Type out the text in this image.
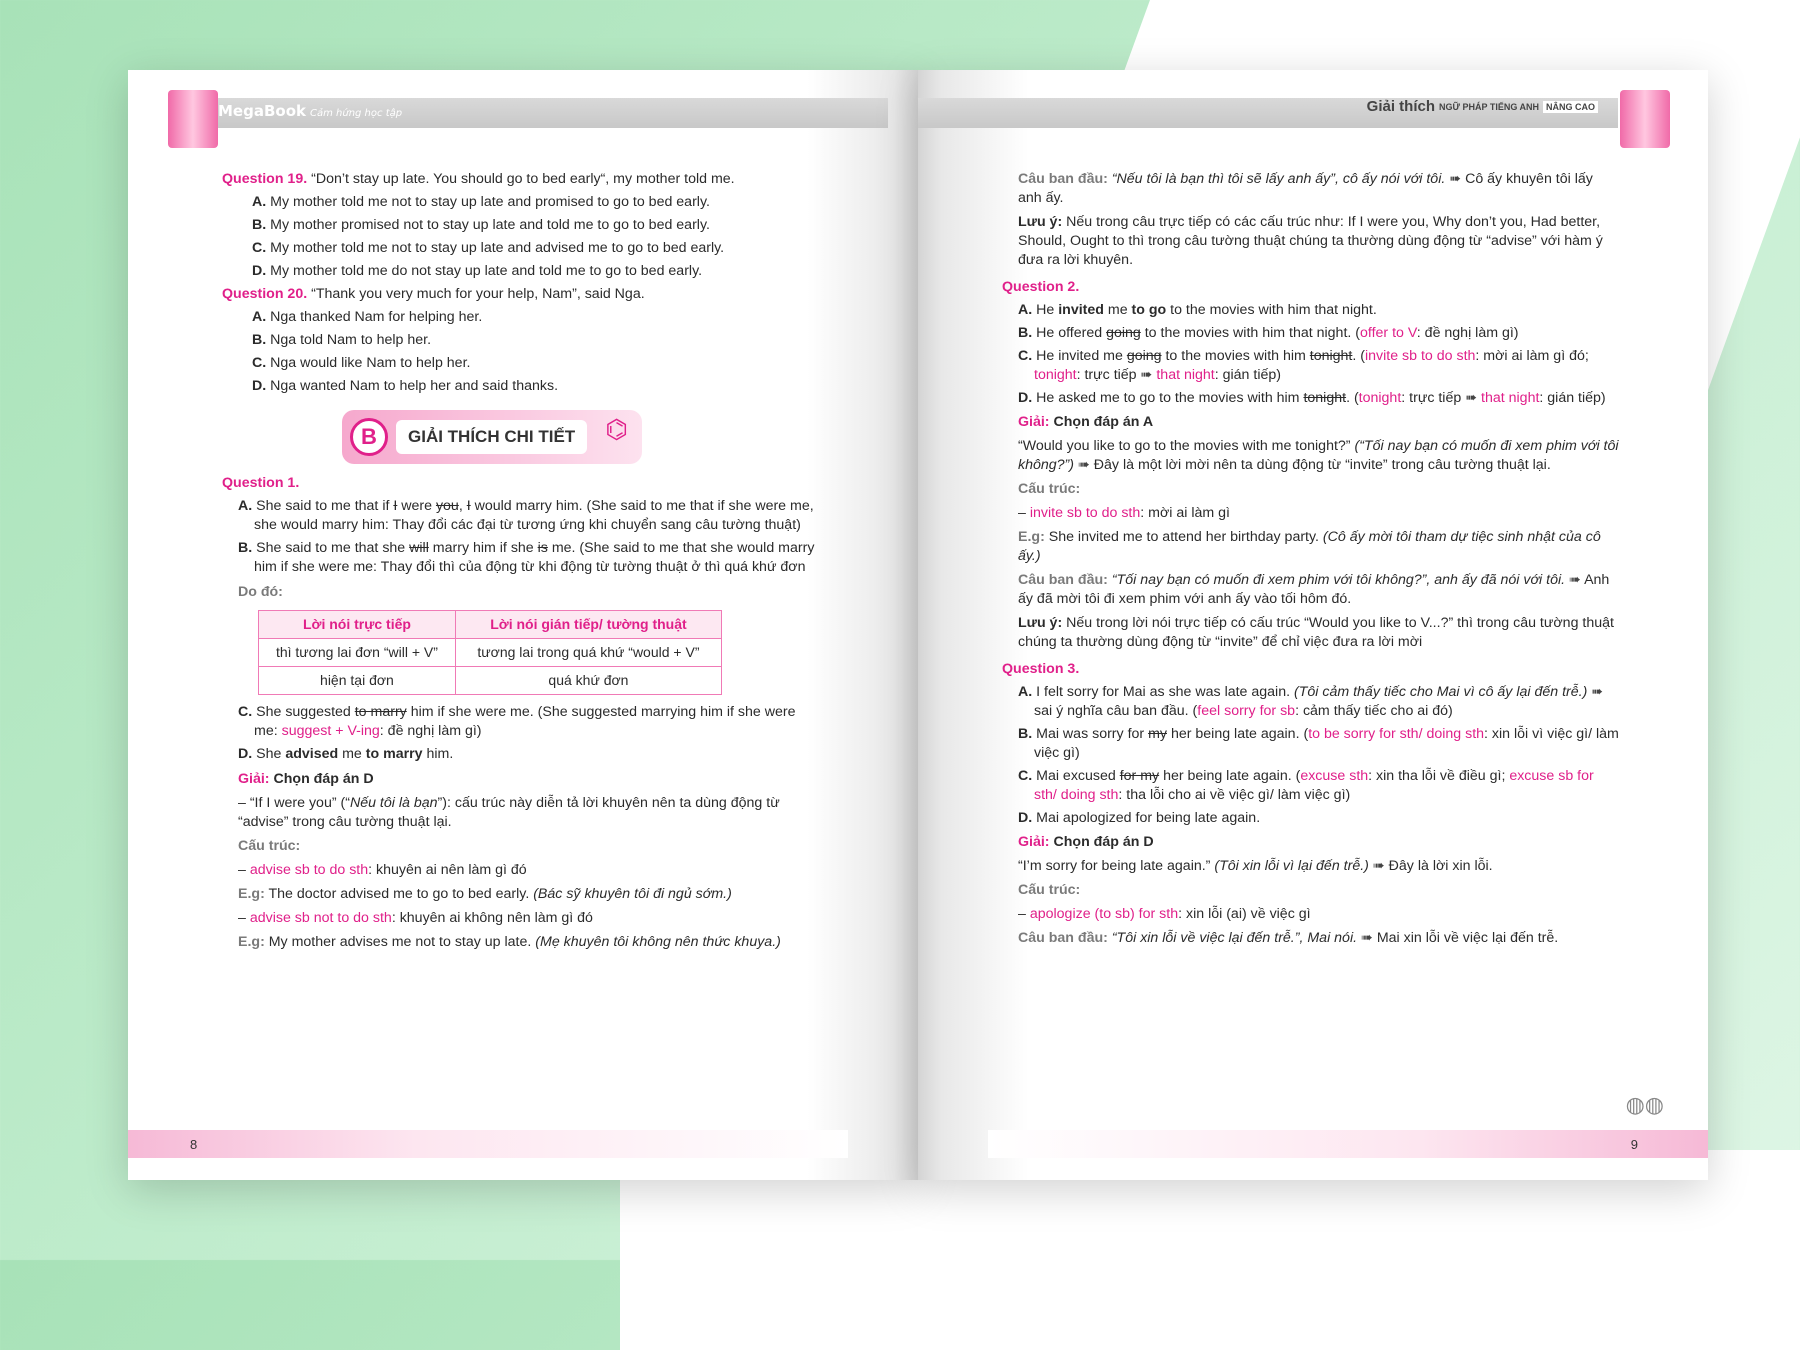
MegaBook Cảm hứng học tập
Question 19. “Don’t stay up late. You should go to bed early“, my mother told me.
A. My mother told me not to stay up late and promised to go to bed early.
B. My mother promised not to stay up late and told me to go to bed early.
C. My mother told me not to stay up late and advised me to go to bed early.
D. My mother told me do not stay up late and told me to go to bed early.
Question 20. “Thank you very much for your help, Nam”, said Nga.
A. Nga thanked Nam for helping her.
B. Nga told Nam to help her.
C. Nga would like Nam to help her.
D. Nga wanted Nam to help her and said thanks.
B	GIẢI THÍCH CHI TIẾT	⌬
Question 1.
A. She said to me that if I were you, I would marry him. (She said to me that if she were me, she would marry him: Thay đổi các đại từ tương ứng khi chuyển sang câu tường thuật)
B. She said to me that she will marry him if she is me. (She said to me that she would marry him if she were me: Thay đổi thì của động từ khi động từ tường thuật ở thì quá khứ đơn
Do đó:
Lời nói trực tiếp	Lời nói gián tiếp/ tường thuật
thì tương lai đơn “will + V”	tương lai trong quá khứ “would + V”
hiện tại đơn	quá khứ đơn
C. She suggested to marry him if she were me. (She suggested marrying him if she were me: suggest + V-ing: đề nghị làm gì)
D. She advised me to marry him.
Giải: Chọn đáp án D

– “If I were you” (“Nếu tôi là bạn”): cấu trúc này diễn tả lời khuyên nên ta dùng động từ “advise” trong câu tường thuật lại.

Cấu trúc:

– advise sb to do sth: khuyên ai nên làm gì đó

E.g: The doctor advised me to go to bed early. (Bác sỹ khuyên tôi đi ngủ sớm.)

– advise sb not to do sth: khuyên ai không nên làm gì đó

E.g: My mother advises me not to stay up late. (Mẹ khuyên tôi không nên thức khuya.)

8
Giải thích NGỮ PHÁP TIẾNG ANH NÂNG CAO

Câu ban đầu: “Nếu tôi là bạn thì tôi sẽ lấy anh ấy”, cô ấy nói với tôi. ➠ Cô ấy khuyên tôi lấy anh ấy.

Lưu ý: Nếu trong câu trực tiếp có các cấu trúc như: If I were you, Why don’t you, Had better, Should, Ought to thì trong câu tường thuật chúng ta thường dùng động từ “advise” với hàm ý đưa ra lời khuyên.

Question 2.
A. He invited me to go to the movies with him that night.
B. He offered going to the movies with him that night. (offer to V: đề nghị làm gì)
C. He invited me going to the movies with him tonight. (invite sb to do sth: mời ai làm gì đó; tonight: trực tiếp ➠ that night: gián tiếp)
D. He asked me to go to the movies with him tonight. (tonight: trực tiếp ➠ that night: gián tiếp)
Giải: Chọn đáp án A

“Would you like to go to the movies with me tonight?” (“Tối nay bạn có muốn đi xem phim với tôi không?”) ➠ Đây là một lời mời nên ta dùng động từ “invite” trong câu tường thuật lại.

Cấu trúc:

– invite sb to do sth: mời ai làm gì

E.g: She invited me to attend her birthday party. (Cô ấy mời tôi tham dự tiệc sinh nhật của cô ấy.)

Câu ban đầu: “Tối nay bạn có muốn đi xem phim với tôi không?”, anh ấy đã nói với tôi. ➠ Anh ấy đã mời tôi đi xem phim với anh ấy vào tối hôm đó.

Lưu ý: Nếu trong lời nói trực tiếp có cấu trúc “Would you like to V...?” thì trong câu tường thuật chúng ta thường dùng động từ “invite” để chỉ việc đưa ra lời mời

Question 3.
A. I felt sorry for Mai as she was late again. (Tôi cảm thấy tiếc cho Mai vì cô ấy lại đến trễ.) ➠ sai ý nghĩa câu ban đầu. (feel sorry for sb: cảm thấy tiếc cho ai đó)
B. Mai was sorry for my her being late again. (to be sorry for sth/ doing sth: xin lỗi vì việc gì/ làm việc gì)
C. Mai excused for my her being late again. (excuse sth: xin tha lỗi về điều gì; excuse sb for sth/ doing sth: tha lỗi cho ai về việc gì/ làm việc gì)
D. Mai apologized for being late again.
Giải: Chọn đáp án D

“I’m sorry for being late again.” (Tôi xin lỗi vì lại đến trễ.) ➠ Đây là lời xin lỗi.

Cấu trúc:

– apologize (to sb) for sth: xin lỗi (ai) về việc gì

Câu ban đầu: “Tôi xin lỗi về việc lại đến trễ.”, Mai nói. ➠ Mai xin lỗi về việc lại đến trễ.

◍◍
9
